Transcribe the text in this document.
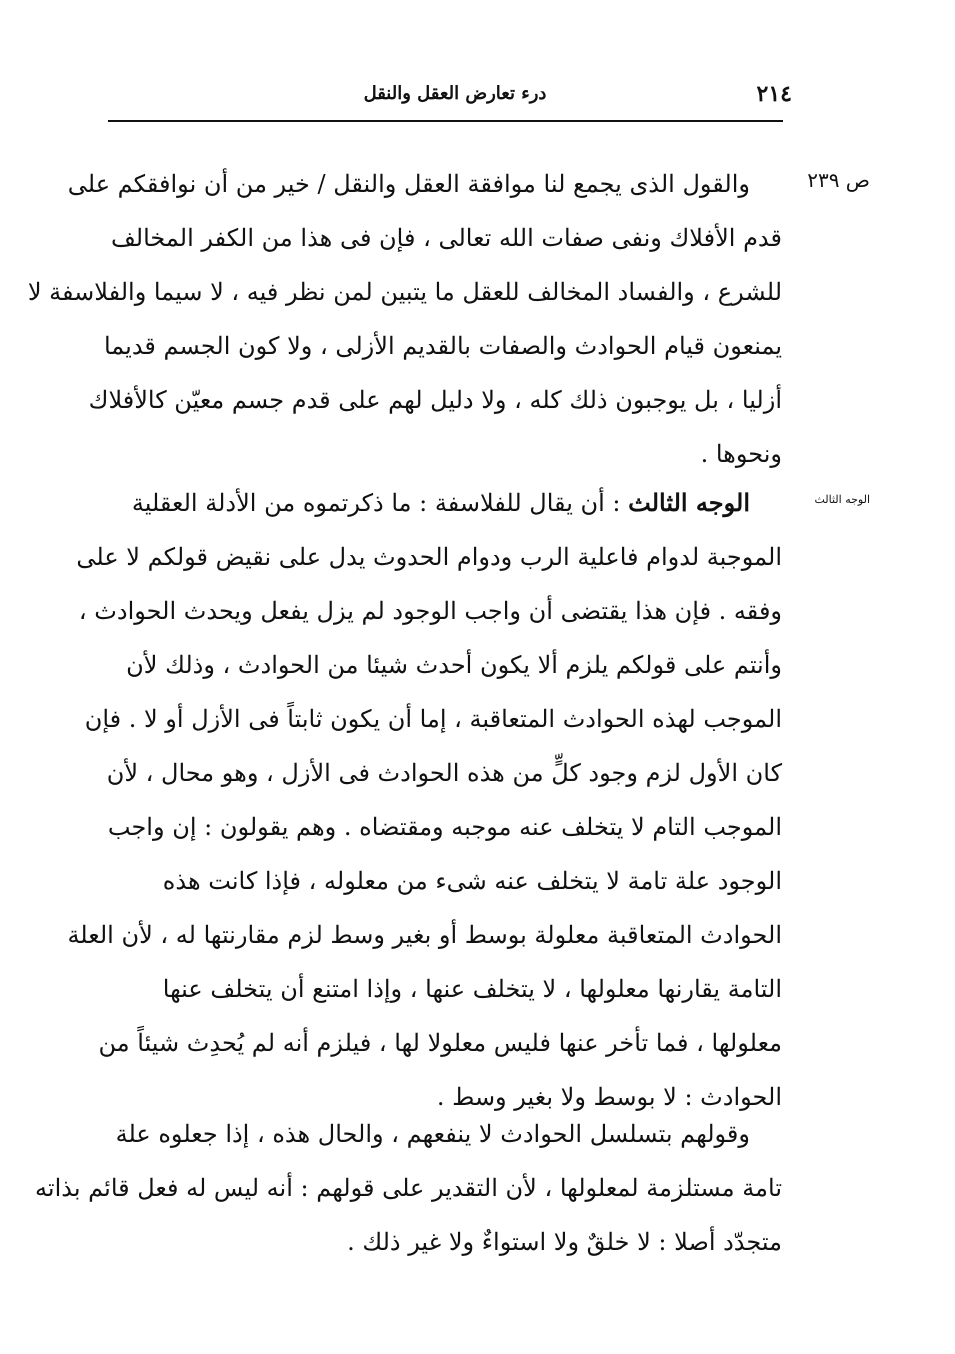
٢١٤
درء تعارض العقل والنقل
ص ٢٣٩
الوجه الثالث
والقول الذى يجمع لنا موافقة العقل والنقل / خير من أن نوافقكم على
قدم الأفلاك ونفى صفات الله تعالى ، فإن فى هذا من الكفر المخالف
للشرع ، والفساد المخالف للعقل ما يتبين لمن نظر فيه ، لا سيما والفلاسفة لا
يمنعون قيام الحوادث والصفات بالقديم الأزلى ، ولا كون الجسم قديما
أزليا ، بل يوجبون ذلك كله ، ولا دليل لهم على قدم جسم معيّن كالأفلاك
ونحوها .
الوجه الثالث : أن يقال للفلاسفة : ما ذكرتموه من الأدلة العقلية
الموجبة لدوام فاعلية الرب ودوام الحدوث يدل على نقيض قولكم لا على
وفقه . فإن هذا يقتضى أن واجب الوجود لم يزل يفعل ويحدث الحوادث ،
وأنتم على قولكم يلزم ألا يكون أحدث شيئا من الحوادث ، وذلك لأن
الموجب لهذه الحوادث المتعاقبة ، إما أن يكون ثابتاً فى الأزل أو لا . فإن
كان الأول لزم وجود كلٍّ من هذه الحوادث فى الأزل ، وهو محال ، لأن
الموجب التام لا يتخلف عنه موجبه ومقتضاه . وهم يقولون : إن واجب
الوجود علة تامة لا يتخلف عنه شىء من معلوله ، فإذا كانت هذه
الحوادث المتعاقبة معلولة بوسط أو بغير وسط لزم مقارنتها له ، لأن العلة
التامة يقارنها معلولها ، لا يتخلف عنها ، وإذا امتنع أن يتخلف عنها
معلولها ، فما تأخر عنها فليس معلولا لها ، فيلزم أنه لم يُحدِث شيئاً من
الحوادث : لا بوسط ولا بغير وسط .
وقولهم بتسلسل الحوادث لا ينفعهم ، والحال هذه ، إذا جعلوه علة
تامة مستلزمة لمعلولها ، لأن التقدير على قولهم : أنه ليس له فعل قائم بذاته
متجدّد أصلا : لا خلقٌ ولا استواءٌ ولا غير ذلك .
